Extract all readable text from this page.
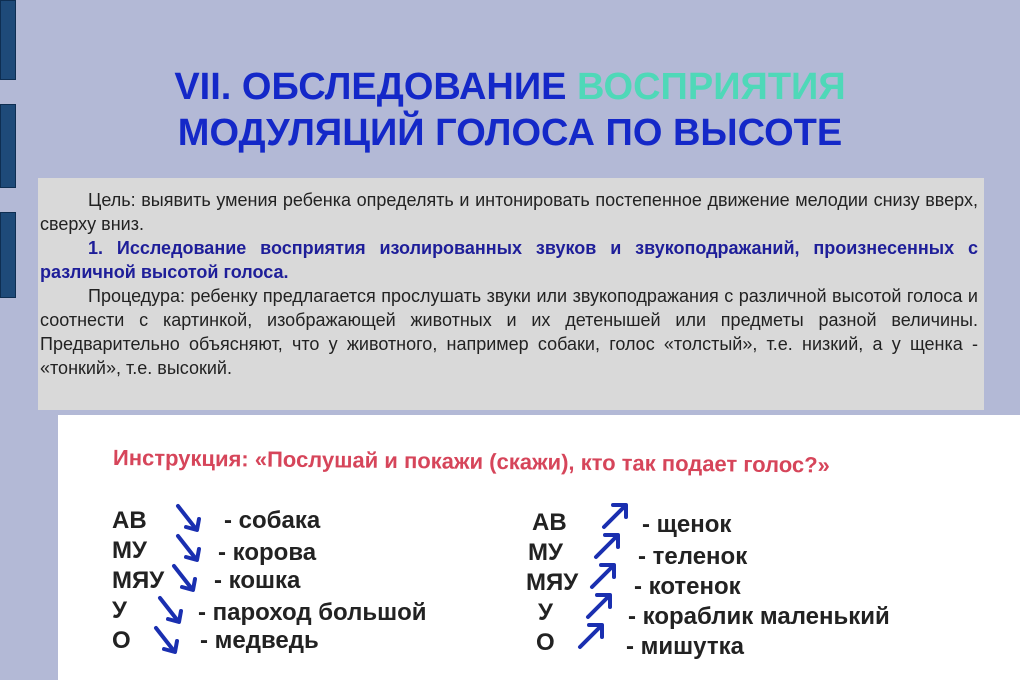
VII. ОБСЛЕДОВАНИЕ ВОСПРИЯТИЯ
МОДУЛЯЦИЙ ГОЛОСА ПО ВЫСОТЕ

Цель: выявить умения ребенка определять и интонировать постепенное движение мелодии снизу вверх, сверху вниз.

1. Исследование восприятия изолированных звуков и звукоподражаний, произнесенных с различной высотой голоса.

Процедура: ребенку предлагается прослушать звуки или звукоподражания с различной высотой голоса и соотнести с картинкой, изображающей животных и их детенышей или предметы разной величины. Предварительно объясняют, что у животного, например собаки, голос «толстый», т.е. низкий, а у щенка - «тонкий», т.е. высокий.

Инструкция: «Послушай и покажи (скажи), кто так подает голос?»
АВ	- собака
МУ	- корова
МЯУ - кошка
У	- пароход большой
О	- медведь
АВ	- щенок
МУ	- теленок
МЯУ - котенок
У	- кораблик маленький
О	- мишутка
